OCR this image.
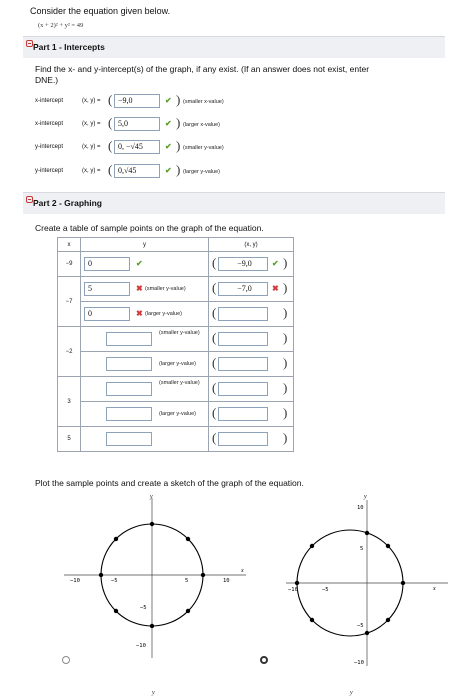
Consider the equation given below.
(x + 2)² + y² = 49
Part 1 - Intercepts
Find the x- and y-intercept(s) of the graph, if any exist. (If an answer does not exist, enter
DNE.)
x-intercept	(x, y) = ( −9,0	✔ ) (smaller x-value)
x-intercept	(x, y) = ( 5,0	✔ ) (larger x-value)
y-intercept	(x, y) = ( 0, −√45	✔ ) (smaller y-value)
y-intercept	(x, y) = ( 0,√45	✔ ) (larger y-value)
Part 2 - Graphing
Create a table of sample points on the graph of the equation.
x	y	(x, y)
−9	0 ✔	( −9,0 ✔ )

−7	5 ✖ (smaller y-value)	( −7,0 ✖ )

	0 ✖ (larger y-value)	( )

−2	(smaller y-value)	( )

	(larger y-value)	( )

3	(smaller y-value)	( )

	(larger y-value)	( )

5		( )
Plot the sample points and create a sketch of the graph of the equation.
x
y
−10	−5	5	10
−5
−10
x
y
−10	−5
10
5
−5
−10
y	y
